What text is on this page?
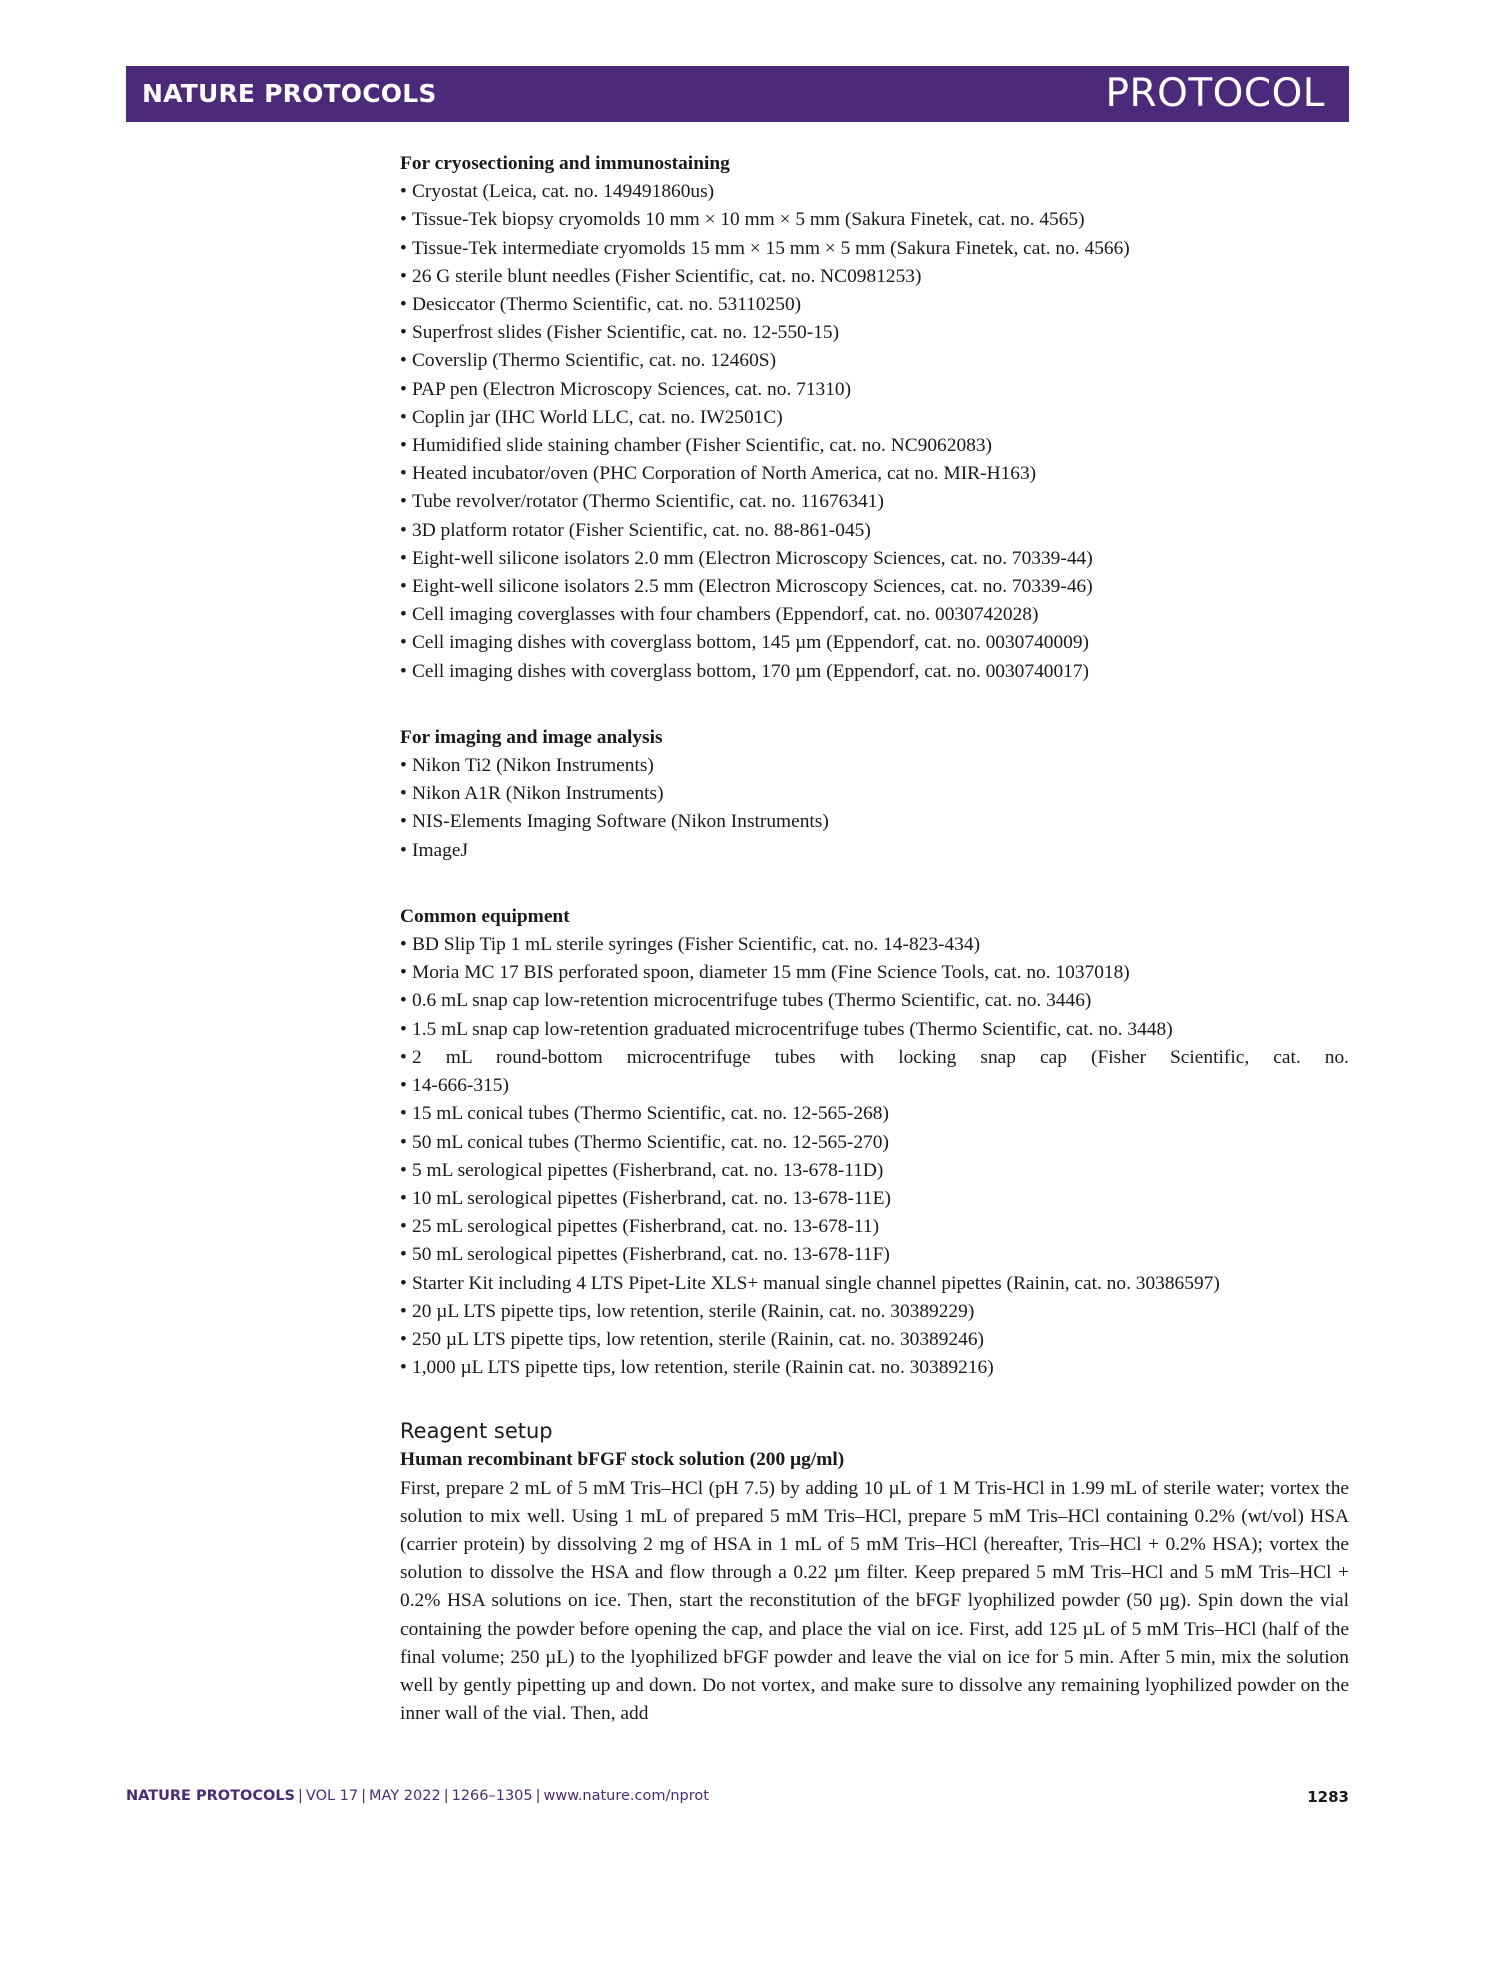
NATURE PROTOCOLS	PROTOCOL

For cryosectioning and immunostaining

• Cryostat (Leica, cat. no. 149491860us)
• Tissue-Tek biopsy cryomolds 10 mm × 10 mm × 5 mm (Sakura Finetek, cat. no. 4565)
• Tissue-Tek intermediate cryomolds 15 mm × 15 mm × 5 mm (Sakura Finetek, cat. no. 4566)
• 26 G sterile blunt needles (Fisher Scientific, cat. no. NC0981253)
• Desiccator (Thermo Scientific, cat. no. 53110250)
• Superfrost slides (Fisher Scientific, cat. no. 12-550-15)
• Coverslip (Thermo Scientific, cat. no. 12460S)
• PAP pen (Electron Microscopy Sciences, cat. no. 71310)
• Coplin jar (IHC World LLC, cat. no. IW2501C)
• Humidified slide staining chamber (Fisher Scientific, cat. no. NC9062083)
• Heated incubator/oven (PHC Corporation of North America, cat no. MIR-H163)
• Tube revolver/rotator (Thermo Scientific, cat. no. 11676341)
• 3D platform rotator (Fisher Scientific, cat. no. 88-861-045)
• Eight-well silicone isolators 2.0 mm (Electron Microscopy Sciences, cat. no. 70339-44)
• Eight-well silicone isolators 2.5 mm (Electron Microscopy Sciences, cat. no. 70339-46)
• Cell imaging coverglasses with four chambers (Eppendorf, cat. no. 0030742028)
• Cell imaging dishes with coverglass bottom, 145 µm (Eppendorf, cat. no. 0030740009)
• Cell imaging dishes with coverglass bottom, 170 µm (Eppendorf, cat. no. 0030740017)

For imaging and image analysis

• Nikon Ti2 (Nikon Instruments)
• Nikon A1R (Nikon Instruments)
• NIS-Elements Imaging Software (Nikon Instruments)
• ImageJ

Common equipment

• BD Slip Tip 1 mL sterile syringes (Fisher Scientific, cat. no. 14-823-434)
• Moria MC 17 BIS perforated spoon, diameter 15 mm (Fine Science Tools, cat. no. 1037018)
• 0.6 mL snap cap low-retention microcentrifuge tubes (Thermo Scientific, cat. no. 3446)
• 1.5 mL snap cap low-retention graduated microcentrifuge tubes (Thermo Scientific, cat. no. 3448)
• 2 mL round-bottom microcentrifuge tubes with locking snap cap (Fisher Scientific, cat. no.
• 14-666-315)
• 15 mL conical tubes (Thermo Scientific, cat. no. 12-565-268)
• 50 mL conical tubes (Thermo Scientific, cat. no. 12-565-270)
• 5 mL serological pipettes (Fisherbrand, cat. no. 13-678-11D)
• 10 mL serological pipettes (Fisherbrand, cat. no. 13-678-11E)
• 25 mL serological pipettes (Fisherbrand, cat. no. 13-678-11)
• 50 mL serological pipettes (Fisherbrand, cat. no. 13-678-11F)
• Starter Kit including 4 LTS Pipet-Lite XLS+ manual single channel pipettes (Rainin, cat. no. 30386597)
• 20 µL LTS pipette tips, low retention, sterile (Rainin, cat. no. 30389229)
• 250 µL LTS pipette tips, low retention, sterile (Rainin, cat. no. 30389246)
• 1,000 µL LTS pipette tips, low retention, sterile (Rainin cat. no. 30389216)

Reagent setup

Human recombinant bFGF stock solution (200 µg/ml)

First, prepare 2 mL of 5 mM Tris–HCl (pH 7.5) by adding 10 µL of 1 M Tris-HCl in 1.99 mL of sterile water; vortex the solution to mix well. Using 1 mL of prepared 5 mM Tris–HCl, prepare 5 mM Tris–HCl containing 0.2% (wt/vol) HSA (carrier protein) by dissolving 2 mg of HSA in 1 mL of 5 mM Tris–HCl (hereafter, Tris–HCl + 0.2% HSA); vortex the solution to dissolve the HSA and flow through a 0.22 µm filter. Keep prepared 5 mM Tris–HCl and 5 mM Tris–HCl + 0.2% HSA solutions on ice. Then, start the reconstitution of the bFGF lyophilized powder (50 µg). Spin down the vial containing the powder before opening the cap, and place the vial on ice. First, add 125 µL of 5 mM Tris–HCl (half of the final volume; 250 µL) to the lyophilized bFGF powder and leave the vial on ice for 5 min. After 5 min, mix the solution well by gently pipetting up and down. Do not vortex, and make sure to dissolve any remaining lyophilized powder on the inner wall of the vial. Then, add

NATURE PROTOCOLS | VOL 17 | MAY 2022 | 1266–1305 | www.nature.com/nprot	1283
